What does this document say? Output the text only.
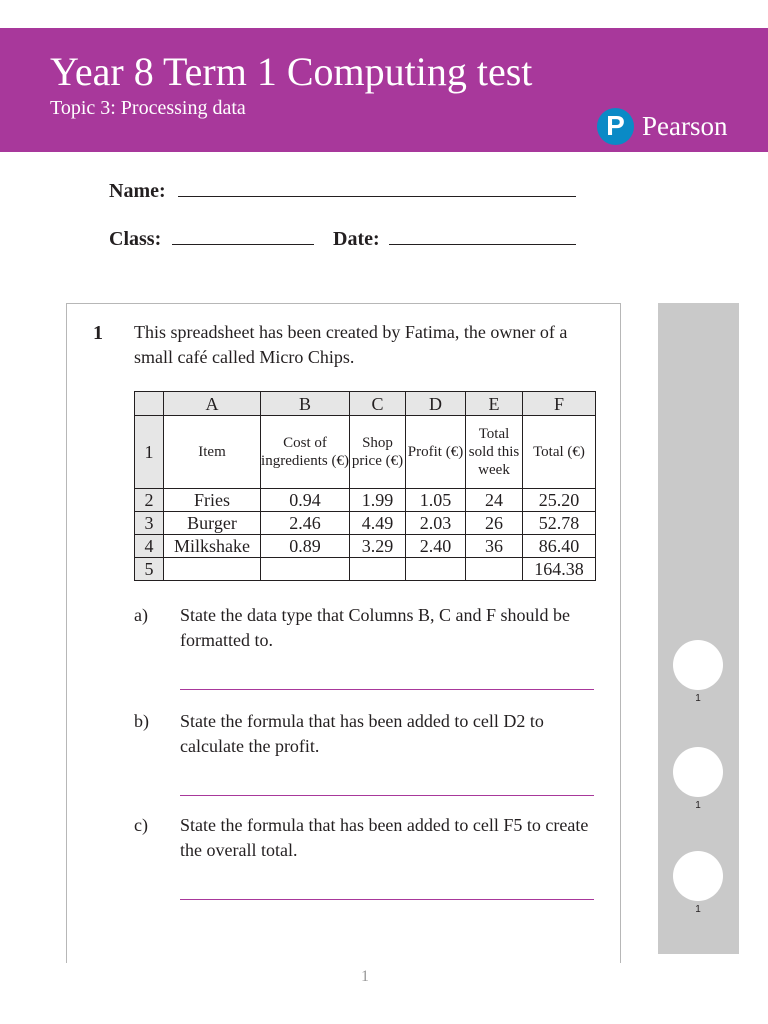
Year 8 Term 1 Computing test
Topic 3: Processing data
P Pearson
Name:
Class:	Date:
1 This spreadsheet has been created by Fatima, the owner of a small café called Micro Chips.
	A	B	C	D	E	F
1	Item	Cost of ingredients (€)	Shop price (€)	Profit (€)	Total sold this week	Total (€)
2	Fries	0.94	1.99	1.05	24	25.20
3	Burger	2.46	4.49	2.03	26	52.78
4	Milkshake	0.89	3.29	2.40	36	86.40
5						164.38
a) State the data type that Columns B, C and F should be formatted to.
b) State the formula that has been added to cell D2 to calculate the profit.
c) State the formula that has been added to cell F5 to create the overall total.
1
1
1
1
